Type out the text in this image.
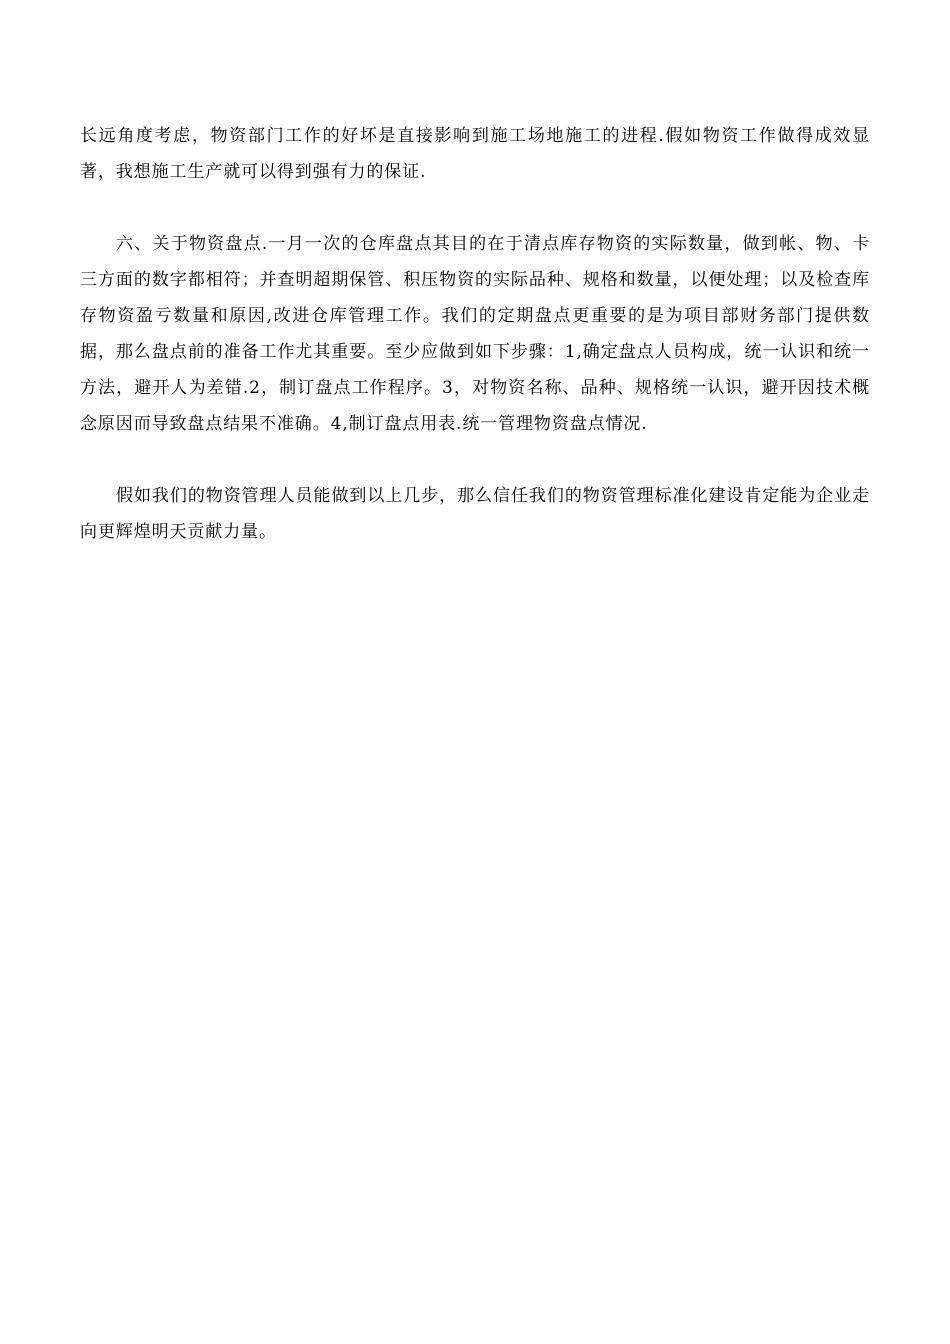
长远角度考虑，物资部门工作的好坏是直接影响到施工场地施工的进程.假如物资工作做得成效显著，我想施工生产就可以得到强有力的保证.

六、关于物资盘点.一月一次的仓库盘点其目的在于清点库存物资的实际数量，做到帐、物、卡三方面的数字都相符；并查明超期保管、积压物资的实际品种、规格和数量，以便处理；以及检查库存物资盈亏数量和原因,改进仓库管理工作。我们的定期盘点更重要的是为项目部财务部门提供数据，那么盘点前的准备工作尤其重要。至少应做到如下步骤：1,确定盘点人员构成，统一认识和统一方法，避开人为差错.2，制订盘点工作程序。3，对物资名称、品种、规格统一认识，避开因技术概念原因而导致盘点结果不准确。4,制订盘点用表.统一管理物资盘点情况.

假如我们的物资管理人员能做到以上几步，那么信任我们的物资管理标准化建设肯定能为企业走向更辉煌明天贡献力量。
